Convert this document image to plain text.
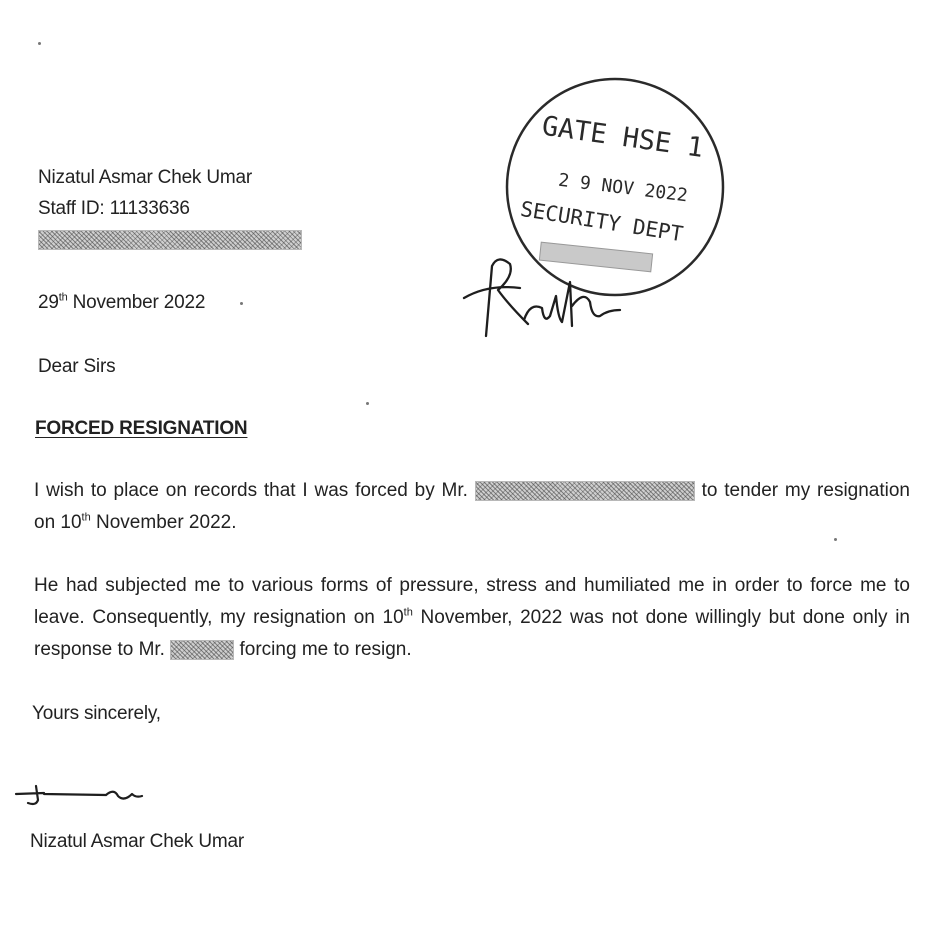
Nizatul Asmar Chek Umar
Staff ID: 11133636
29th November 2022
Dear Sirs
FORCED RESIGNATION
I wish to place on records that I was forced by Mr.	to tender my resignation on 10th November 2022.
He had subjected me to various forms of pressure, stress and humiliated me in order to force me to leave. Consequently, my resignation on 10th November, 2022 was not done willingly but done only in response to Mr.	forcing me to resign.
Yours sincerely,
Nizatul Asmar Chek Umar
GATE HSE 1
2 9 NOV 2022
SECURITY DEPT
